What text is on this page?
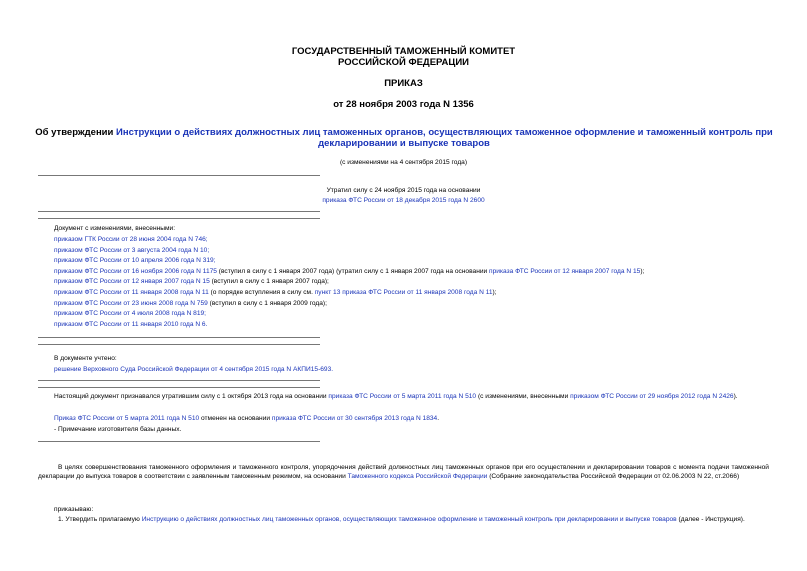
ГОСУДАРСТВЕННЫЙ ТАМОЖЕННЫЙ КОМИТЕТ
РОССИЙСКОЙ ФЕДЕРАЦИИ
ПРИКАЗ
от 28 ноября 2003 года N 1356
Об утверждении Инструкции о действиях должностных лиц таможенных органов, осуществляющих таможенное оформление и таможенный контроль при
декларировании и выпуске товаров
(с изменениями на 4 сентября 2015 года)
Утратил силу с 24 ноября 2015 года на основании
приказа ФТС России от 18 декабря 2015 года N 2600
Документ с изменениями, внесенными:
приказом ГТК России от 28 июня 2004 года N 746;
приказом ФТС России от 3 августа 2004 года N 10;
приказом ФТС России от 10 апреля 2006 года N 319;
приказом ФТС России от 16 ноября 2006 года N 1175 (вступил в силу с 1 января 2007 года) (утратил силу с 1 января 2007 года на основании приказа ФТС России от 12 января 2007 года N 15);
приказом ФТС России от 12 января 2007 года N 15 (вступил в силу с 1 января 2007 года);
приказом ФТС России от 11 января 2008 года N 11 (о порядке вступления в силу см. пункт 13 приказа ФТС России от 11 января 2008 года N 11);
приказом ФТС России от 23 июня 2008 года N 759 (вступил в силу с 1 января 2009 года);
приказом ФТС России от 4 июля 2008 года N 819;
приказом ФТС России от 11 января 2010 года N 6.
В документе учтено:
решение Верховного Суда Российской Федерации от 4 сентября 2015 года N АКПИ15-693.
Настоящий документ признавался утратившим силу с 1 октября 2013 года на основании приказа ФТС России от 5 марта 2011 года N 510 (с изменениями, внесенными приказом ФТС России от 29 ноября 2012 года N 2426).
Приказ ФТС России от 5 марта 2011 года N 510 отменен на основании приказа ФТС России от 30 сентября 2013 года N 1834.
- Примечание изготовителя базы данных.
В целях совершенствования таможенного оформления и таможенного контроля, упорядочения действий должностных лиц таможенных органов при его осуществлении и декларировании товаров с момента подачи таможенной декларации до выпуска товаров в соответствии с заявленным таможенным режимом, на основании Таможенного кодекса Российской Федерации (Собрание законодательства Российской Федерации от 02.06.2003 N 22, ст.2066)
приказываю:
1. Утвердить прилагаемую Инструкцию о действиях должностных лиц таможенных органов, осуществляющих таможенное оформление и таможенный контроль при декларировании и выпуске товаров (далее - Инструкция).
